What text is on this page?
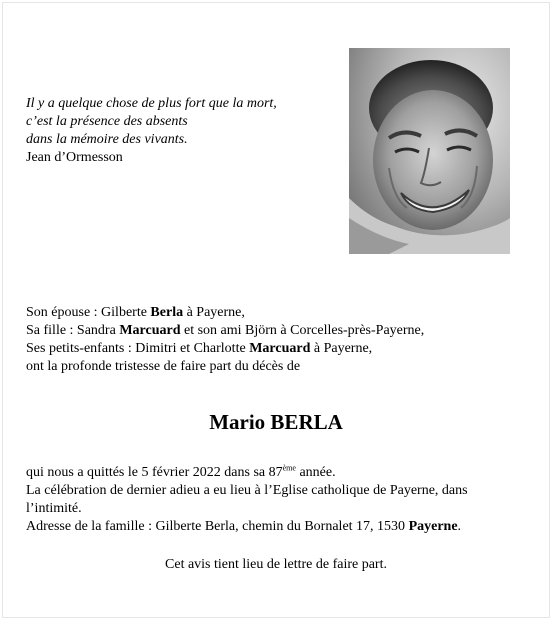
Il y a quelque chose de plus fort que la mort,
c’est la présence des absents
dans la mémoire des vivants.
Jean d’Ormesson
Son épouse : Gilberte Berla à Payerne,
Sa fille : Sandra Marcuard et son ami Björn à Corcelles-près-Payerne,
Ses petits-enfants : Dimitri et Charlotte Marcuard à Payerne,
ont la profonde tristesse de faire part du décès de
Mario BERLA
qui nous a quittés le 5 février 2022 dans sa 87ème année.
La célébration de dernier adieu a eu lieu à l’Eglise catholique de Payerne, dans
l’intimité.
Adresse de la famille : Gilberte Berla, chemin du Bornalet 17, 1530 Payerne.
Cet avis tient lieu de lettre de faire part.
